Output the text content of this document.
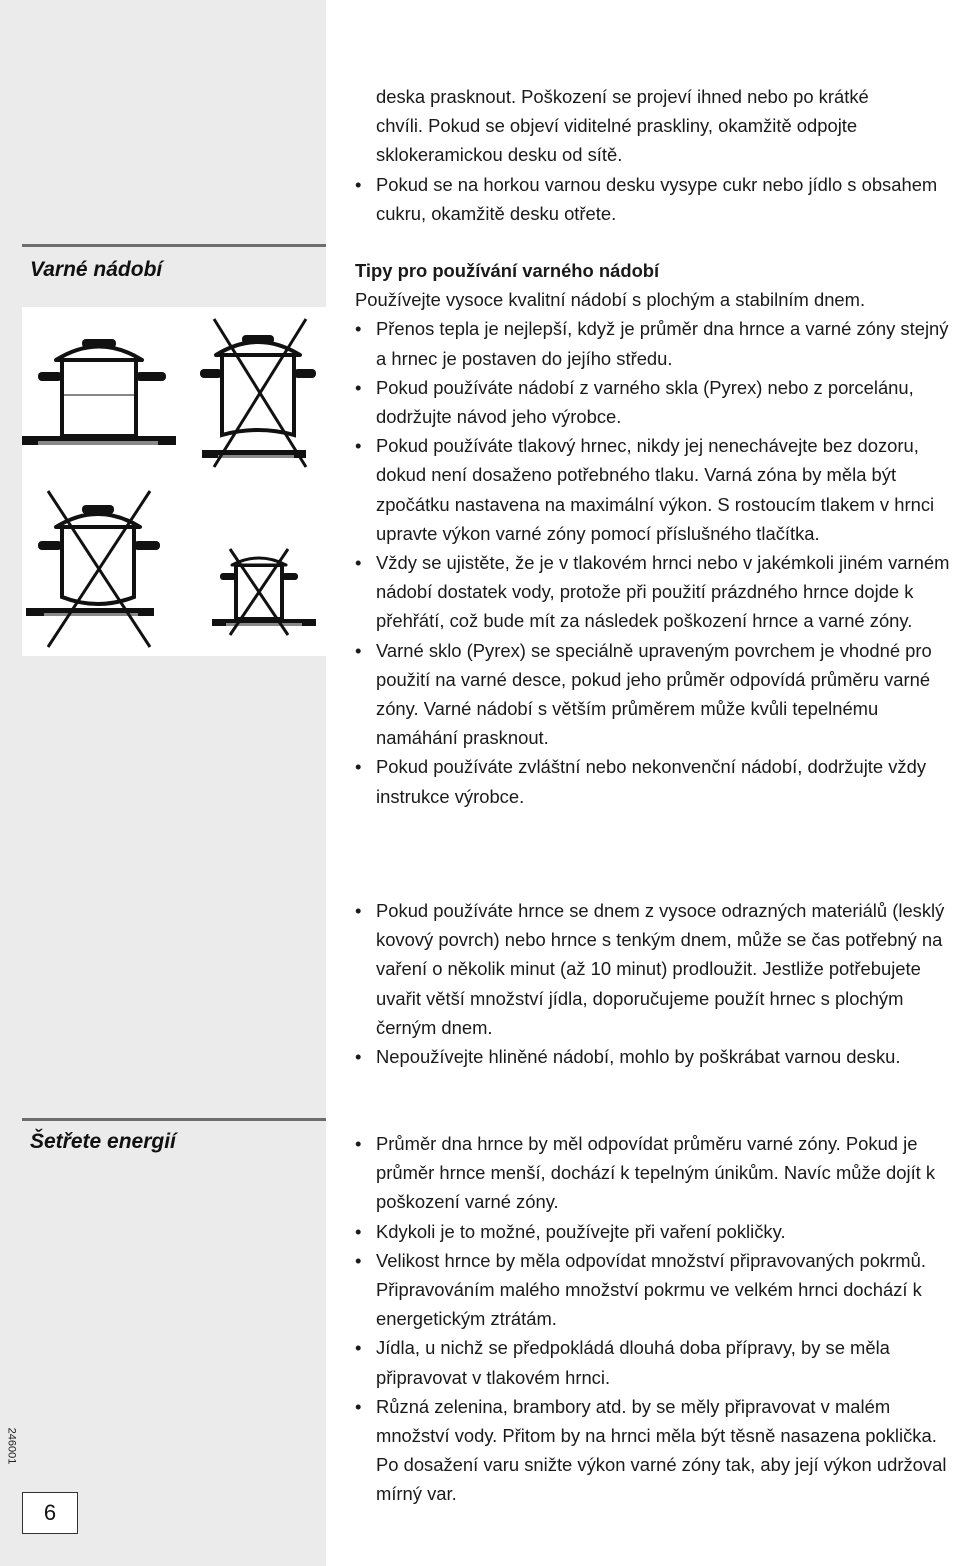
Varné nádobí
Šetřete energií
246001
6

deska prasknout. Poškození se projeví ihned nebo po krátké

chvíli. Pokud se objeví viditelné praskliny, okamžitě odpojte

sklokeramickou desku od sítě.

• Pokud se na horkou varnou desku vysype cukr nebo jídlo s obsahem cukru, okamžitě desku otřete.

Tipy pro používání varného nádobí

Používejte vysoce kvalitní nádobí s plochým a stabilním dnem.

• Přenos tepla je nejlepší, když je průměr dna hrnce a varné zóny stejný a hrnec je postaven do jejího středu.

• Pokud používáte nádobí z varného skla (Pyrex) nebo z porcelánu, dodržujte návod jeho výrobce.

• Pokud používáte tlakový hrnec, nikdy jej nenechávejte bez dozoru, dokud není dosaženo potřebného tlaku. Varná zóna by měla být zpočátku nastavena na maximální výkon. S rostoucím tlakem v hrnci upravte výkon varné zóny pomocí příslušného tlačítka.

• Vždy se ujistěte, že je v tlakovém hrnci nebo v jakémkoli jiném varném nádobí dostatek vody, protože při použití prázdného hrnce dojde k přehřátí, což bude mít za následek poškození hrnce a varné zóny.

• Varné sklo (Pyrex) se speciálně upraveným povrchem je vhodné pro použití na varné desce, pokud jeho průměr odpovídá průměru varné zóny. Varné nádobí s větším průměrem může kvůli tepelnému namáhání prasknout.

• Pokud používáte zvláštní nebo nekonvenční nádobí, dodržujte vždy instrukce výrobce.

• Pokud používáte hrnce se dnem z vysoce odrazných materiálů (lesklý kovový povrch) nebo hrnce s tenkým dnem, může se čas potřebný na vaření o několik minut (až 10 minut) prodloužit. Jestliže potřebujete uvařit větší množství jídla, doporučujeme použít hrnec s plochým černým dnem.

• Nepoužívejte hliněné nádobí, mohlo by poškrábat varnou desku.

• Průměr dna hrnce by měl odpovídat průměru varné zóny. Pokud je průměr hrnce menší, dochází k tepelným únikům. Navíc může dojít k poškození varné zóny.

• Kdykoli je to možné, používejte při vaření pokličky.

• Velikost hrnce by měla odpovídat množství připravovaných pokrmů. Připravováním malého množství pokrmu ve velkém hrnci dochází k energetickým ztrátám.

• Jídla, u nichž se předpokládá dlouhá doba přípravy, by se měla připravovat v tlakovém hrnci.

• Různá zelenina, brambory atd. by se měly připravovat v malém množství vody. Přitom by na hrnci měla být těsně nasazena poklička. Po dosažení varu snižte výkon varné zóny tak, aby její výkon udržoval mírný var.
